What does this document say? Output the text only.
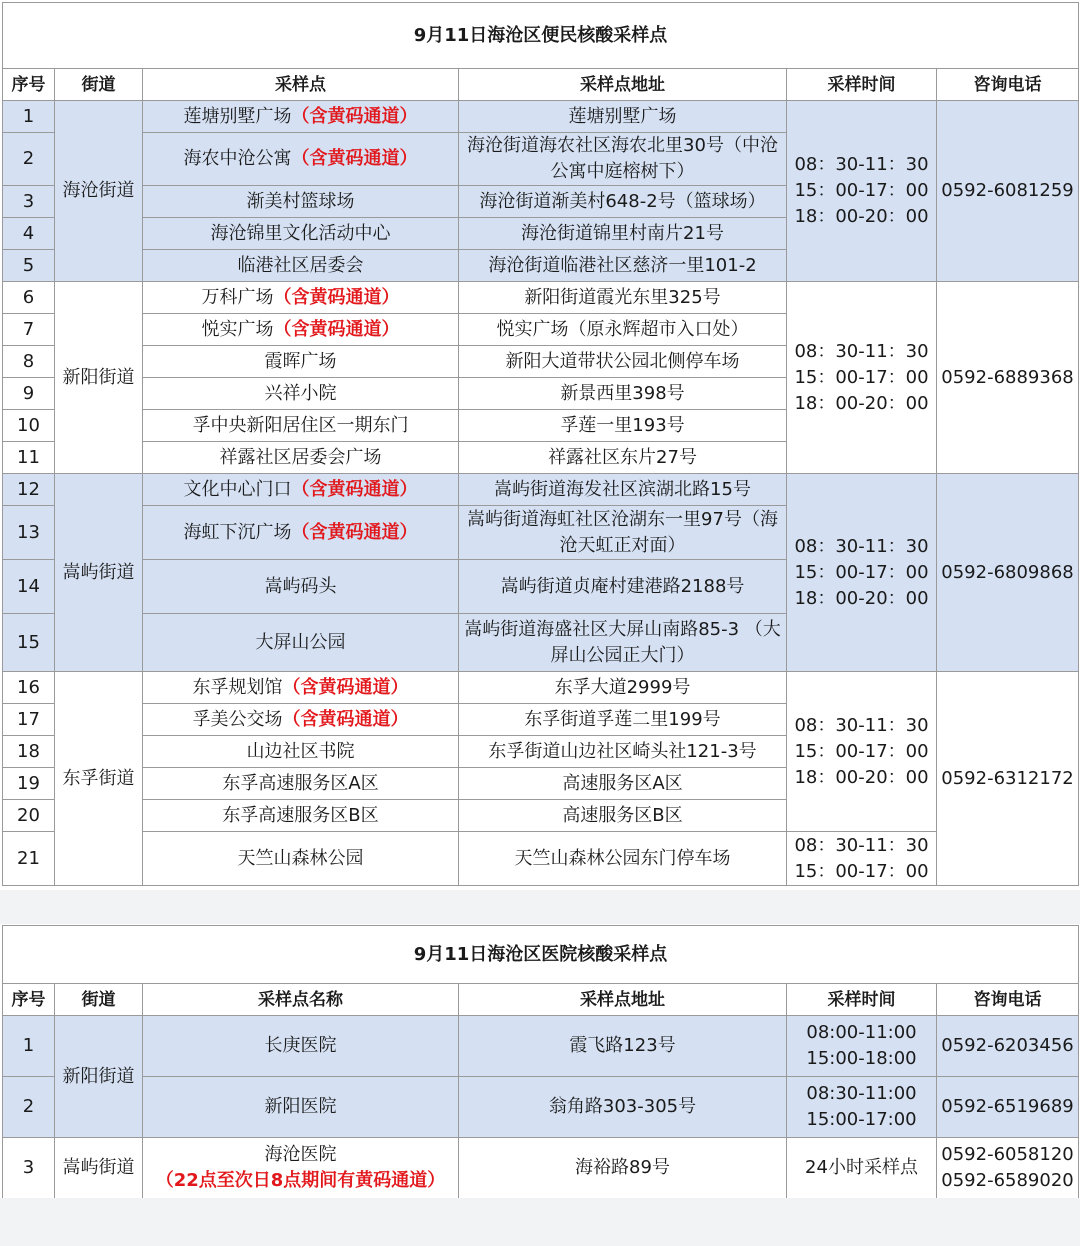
9月11日海沧区便民核酸采样点					
序号	街道	采样点	采样点地址	采样时间	咨询电话
1	海沧街道	莲塘别墅广场（含黄码通道）	莲塘别墅广场	08：30-11：30
15：00-17：00
18：00-20：00	0592-6081259
2		海农中沧公寓（含黄码通道）	海沧街道海农社区海农北里30号（中沧公寓中庭榕树下）		
3		渐美村篮球场	海沧街道渐美村648-2号（篮球场）		
4		海沧锦里文化活动中心	海沧街道锦里村南片21号		
5		临港社区居委会	海沧街道临港社区慈济一里101-2		
6	新阳街道	万科广场（含黄码通道）	新阳街道霞光东里325号	08：30-11：30
15：00-17：00
18：00-20：00	0592-6889368
7		悦实广场（含黄码通道）	悦实广场（原永辉超市入口处）		
8		霞晖广场	新阳大道带状公园北侧停车场		
9		兴祥小院	新景西里398号		
10		孚中央新阳居住区一期东门	孚莲一里193号		
11		祥露社区居委会广场	祥露社区东片27号		
12	嵩屿街道	文化中心门口（含黄码通道）	嵩屿街道海发社区滨湖北路15号	08：30-11：30
15：00-17：00
18：00-20：00	0592-6809868
13		海虹下沉广场（含黄码通道）	嵩屿街道海虹社区沧湖东一里97号（海沧天虹正对面）		
14		嵩屿码头	嵩屿街道贞庵村建港路2188号		
15		大屏山公园	嵩屿街道海盛社区大屏山南路85-3 （大屏山公园正大门）		
16	东孚街道	东孚规划馆（含黄码通道）	东孚大道2999号	08：30-11：30
15：00-17：00
18：00-20：00	0592-6312172
17		孚美公交场（含黄码通道）	东孚街道孚莲二里199号		
18		山边社区书院	东孚街道山边社区崎头社121-3号		
19		东孚高速服务区A区	高速服务区A区		
20		东孚高速服务区B区	高速服务区B区		
21		天竺山森林公园	天竺山森林公园东门停车场	08：30-11：30
15：00-17：00	
9月11日海沧区医院核酸采样点					
序号	街道	采样点名称	采样点地址	采样时间	咨询电话
1	新阳街道	长庚医院	霞飞路123号	08:00-11:00
15:00-18:00	0592-6203456
2		新阳医院	翁角路303-305号	08:30-11:00
15:00-17:00	0592-6519689
3	嵩屿街道	海沧医院
（22点至次日8点期间有黄码通道）	海裕路89号	24小时采样点	0592-6058120
0592-6589020
